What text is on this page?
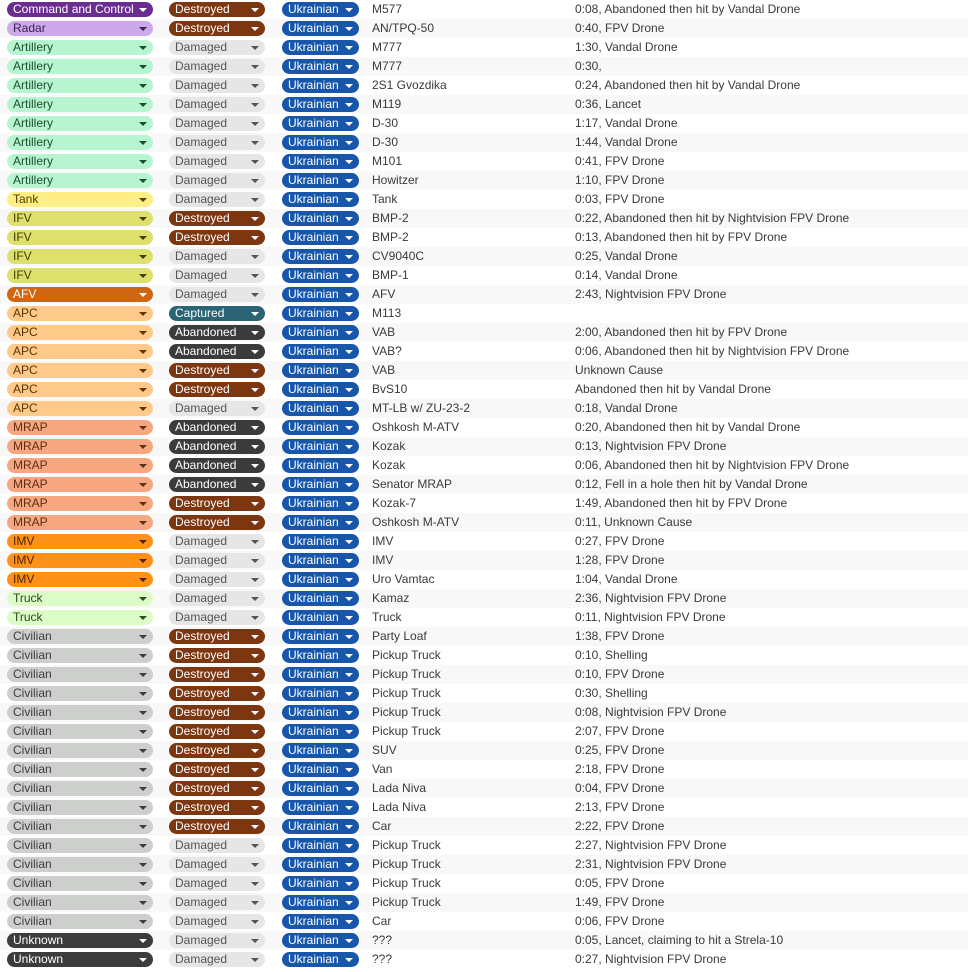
Command and Control	Destroyed	Ukrainian	M577	0:08, Abandoned then hit by Vandal Drone
Radar	Destroyed	Ukrainian	AN/TPQ-50	0:40, FPV Drone
Artillery	Damaged	Ukrainian	M777	1:30, Vandal Drone
Artillery	Damaged	Ukrainian	M777	0:30,
Artillery	Damaged	Ukrainian	2S1 Gvozdika	0:24, Abandoned then hit by Vandal Drone
Artillery	Damaged	Ukrainian	M119	0:36, Lancet
Artillery	Damaged	Ukrainian	D-30	1:17, Vandal Drone
Artillery	Damaged	Ukrainian	D-30	1:44, Vandal Drone
Artillery	Damaged	Ukrainian	M101	0:41, FPV Drone
Artillery	Damaged	Ukrainian	Howitzer	1:10, FPV Drone
Tank	Damaged	Ukrainian	Tank	0:03, FPV Drone
IFV	Destroyed	Ukrainian	BMP-2	0:22, Abandoned then hit by Nightvision FPV Drone
IFV	Destroyed	Ukrainian	BMP-2	0:13, Abandoned then hit by FPV Drone
IFV	Damaged	Ukrainian	CV9040C	0:25, Vandal Drone
IFV	Damaged	Ukrainian	BMP-1	0:14, Vandal Drone
AFV	Damaged	Ukrainian	AFV	2:43, Nightvision FPV Drone
APC	Captured	Ukrainian	M113
APC	Abandoned	Ukrainian	VAB	2:00, Abandoned then hit by FPV Drone
APC	Abandoned	Ukrainian	VAB?	0:06, Abandoned then hit by Nightvision FPV Drone
APC	Destroyed	Ukrainian	VAB	Unknown Cause
APC	Destroyed	Ukrainian	BvS10	Abandoned then hit by Vandal Drone
APC	Damaged	Ukrainian	MT-LB w/ ZU-23-2	0:18, Vandal Drone
MRAP	Abandoned	Ukrainian	Oshkosh M-ATV	0:20, Abandoned then hit by Vandal Drone
MRAP	Abandoned	Ukrainian	Kozak	0:13, Nightvision FPV Drone
MRAP	Abandoned	Ukrainian	Kozak	0:06, Abandoned then hit by Nightvision FPV Drone
MRAP	Abandoned	Ukrainian	Senator MRAP	0:12, Fell in a hole then hit by Vandal Drone
MRAP	Destroyed	Ukrainian	Kozak-7	1:49, Abandoned then hit by FPV Drone
MRAP	Destroyed	Ukrainian	Oshkosh M-ATV	0:11, Unknown Cause
IMV	Damaged	Ukrainian	IMV	0:27, FPV Drone
IMV	Damaged	Ukrainian	IMV	1:28, FPV Drone
IMV	Damaged	Ukrainian	Uro Vamtac	1:04, Vandal Drone
Truck	Damaged	Ukrainian	Kamaz	2:36, Nightvision FPV Drone
Truck	Damaged	Ukrainian	Truck	0:11, Nightvision FPV Drone
Civilian	Destroyed	Ukrainian	Party Loaf	1:38, FPV Drone
Civilian	Destroyed	Ukrainian	Pickup Truck	0:10, Shelling
Civilian	Destroyed	Ukrainian	Pickup Truck	0:10, FPV Drone
Civilian	Destroyed	Ukrainian	Pickup Truck	0:30, Shelling
Civilian	Destroyed	Ukrainian	Pickup Truck	0:08, Nightvision FPV Drone
Civilian	Destroyed	Ukrainian	Pickup Truck	2:07, FPV Drone
Civilian	Destroyed	Ukrainian	SUV	0:25, FPV Drone
Civilian	Destroyed	Ukrainian	Van	2:18, FPV Drone
Civilian	Destroyed	Ukrainian	Lada Niva	0:04, FPV Drone
Civilian	Destroyed	Ukrainian	Lada Niva	2:13, FPV Drone
Civilian	Destroyed	Ukrainian	Car	2:22, FPV Drone
Civilian	Damaged	Ukrainian	Pickup Truck	2:27, Nightvision FPV Drone
Civilian	Damaged	Ukrainian	Pickup Truck	2:31, Nightvision FPV Drone
Civilian	Damaged	Ukrainian	Pickup Truck	0:05, FPV Drone
Civilian	Damaged	Ukrainian	Pickup Truck	1:49, FPV Drone
Civilian	Damaged	Ukrainian	Car	0:06, FPV Drone
Unknown	Damaged	Ukrainian	???	0:05, Lancet, claiming to hit a Strela-10
Unknown	Damaged	Ukrainian	???	0:27, Nightvision FPV Drone
